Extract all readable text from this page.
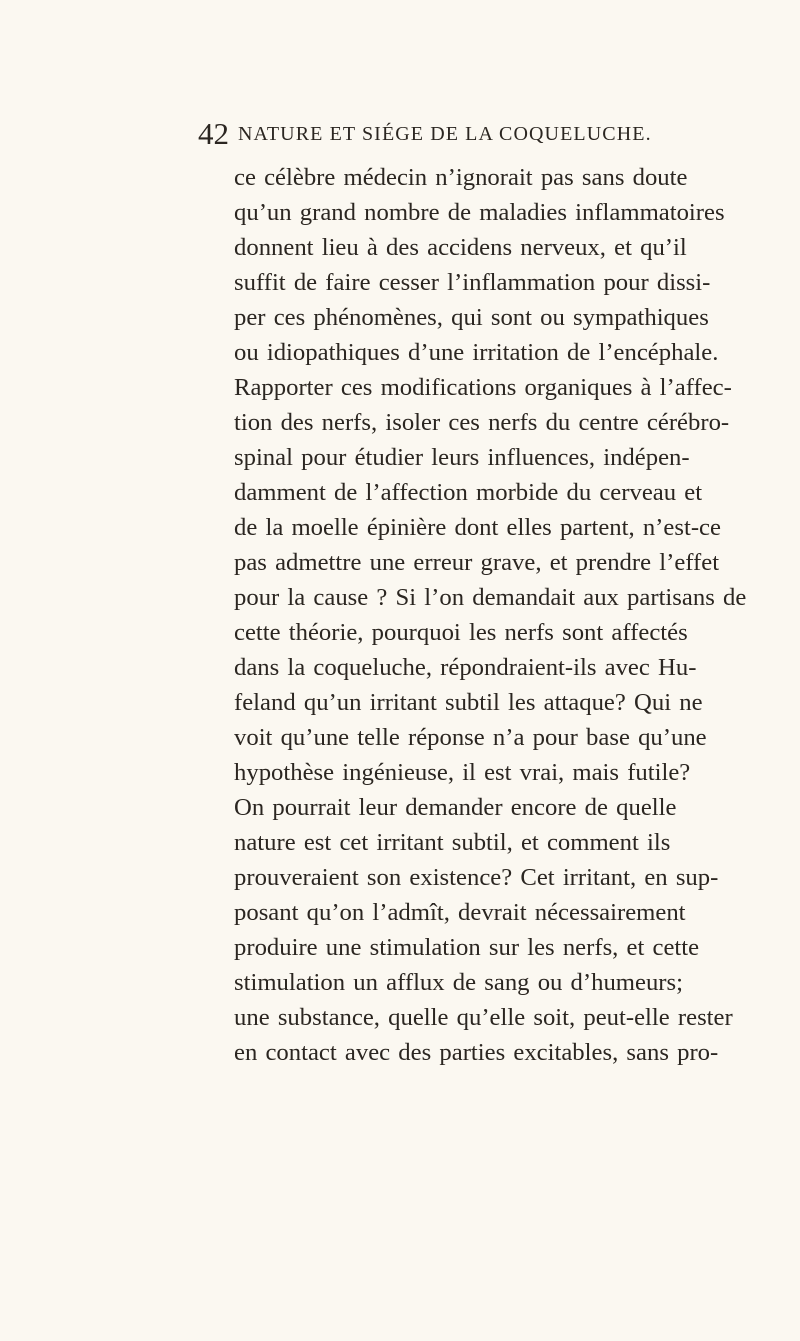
42 NATURE ET SIÉGE DE LA COQUELUCHE.
ce célèbre médecin n’ignorait pas sans doute
qu’un grand nombre de maladies inflammatoires
donnent lieu à des accidens nerveux, et qu’il
suffit de faire cesser l’inflammation pour dissi-
per ces phénomènes, qui sont ou sympathiques
ou idiopathiques d’une irritation de l’encéphale.
Rapporter ces modifications organiques à l’affec-
tion des nerfs, isoler ces nerfs du centre cérébro-
spinal pour étudier leurs influences, indépen-
damment de l’affection morbide du cerveau et
de la moelle épinière dont elles partent, n’est-ce
pas admettre une erreur grave, et prendre l’effet
pour la cause ? Si l’on demandait aux partisans de
cette théorie, pourquoi les nerfs sont affectés
dans la coqueluche, répondraient-ils avec Hu-
feland qu’un irritant subtil les attaque? Qui ne
voit qu’une telle réponse n’a pour base qu’une
hypothèse ingénieuse, il est vrai, mais futile?
On pourrait leur demander encore de quelle
nature est cet irritant subtil, et comment ils
prouveraient son existence? Cet irritant, en sup-
posant qu’on l’admît, devrait nécessairement
produire une stimulation sur les nerfs, et cette
stimulation un afflux de sang ou d’humeurs;
une substance, quelle qu’elle soit, peut-elle rester
en contact avec des parties excitables, sans pro-
